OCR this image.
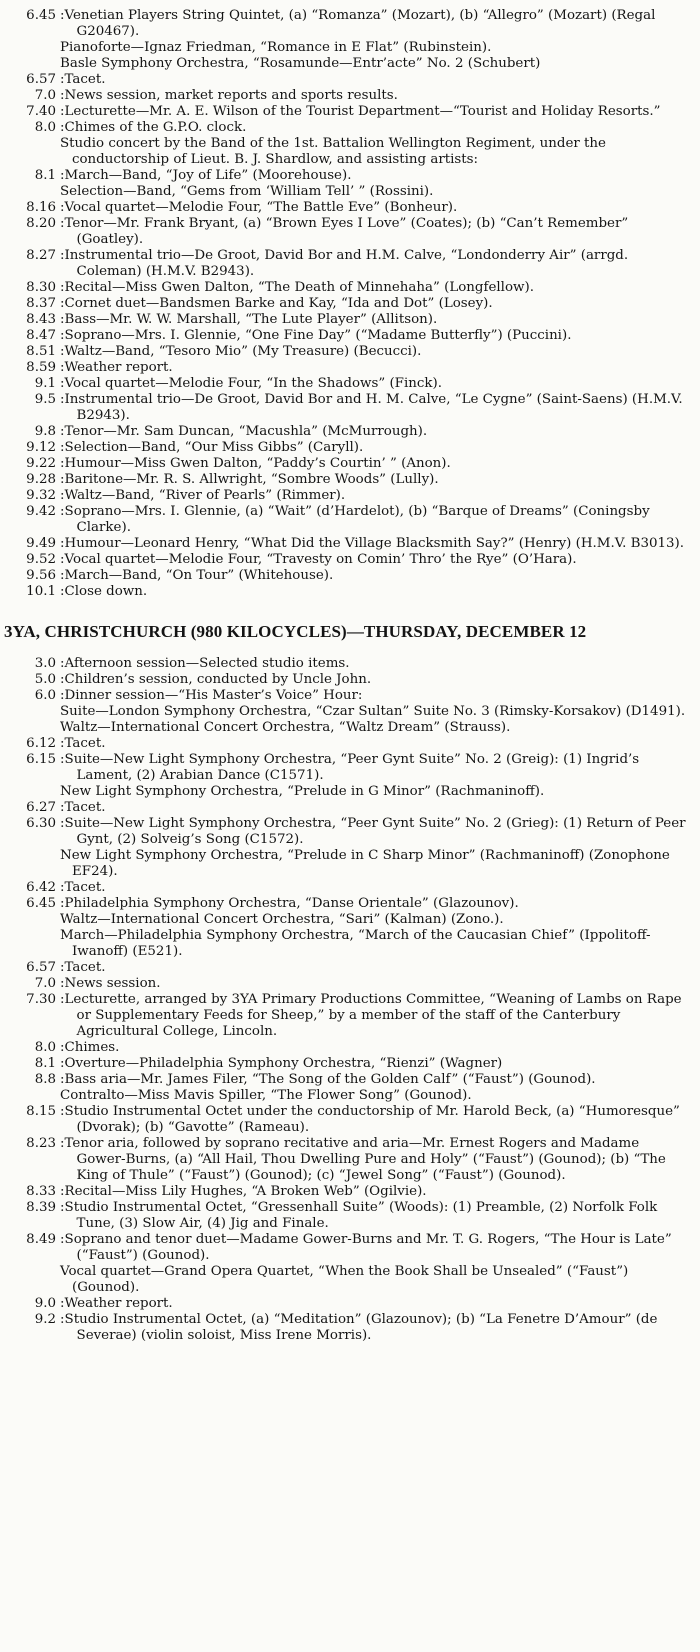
6.45 : Venetian Players String Quintet, (a) “Romanza” (Mozart), (b) “Allegro” (Mozart) (Regal G20467).
Pianoforte—Ignaz Friedman, “Romance in E Flat” (Rubinstein).
Basle Symphony Orchestra, “Rosamunde—Entr’acte” No. 2 (Schubert)
6.57 : Tacet.
7.0 : News session, market reports and sports results.
7.40 : Lecturette—Mr. A. E. Wilson of the Tourist Department—“Tourist and Holiday Resorts.”
8.0 : Chimes of the G.P.O. clock.
Studio concert by the Band of the 1st. Battalion Wellington Regiment, under the conductorship of Lieut. B. J. Shardlow, and assisting artists:
8.1 : March—Band, “Joy of Life” (Moorehouse).
Selection—Band, “Gems from ‘William Tell’ ” (Rossini).
8.16 : Vocal quartet—Melodie Four, “The Battle Eve” (Bonheur).
8.20 : Tenor—Mr. Frank Bryant, (a) “Brown Eyes I Love” (Coates); (b) “Can’t Remember” (Goatley).
8.27 : Instrumental trio—De Groot, David Bor and H.M. Calve, “Londonderry Air” (arrgd. Coleman) (H.M.V. B2943).
8.30 : Recital—Miss Gwen Dalton, “The Death of Minnehaha” (Longfellow).
8.37 : Cornet duet—Bandsmen Barke and Kay, “Ida and Dot” (Losey).
8.43 : Bass—Mr. W. W. Marshall, “The Lute Player” (Allitson).
8.47 : Soprano—Mrs. I. Glennie, “One Fine Day” (“Madame Butterfly”) (Puccini).
8.51 : Waltz—Band, “Tesoro Mio” (My Treasure) (Becucci).
8.59 : Weather report.
9.1 : Vocal quartet—Melodie Four, “In the Shadows” (Finck).
9.5 : Instrumental trio—De Groot, David Bor and H. M. Calve, “Le Cygne” (Saint-Saens) (H.M.V. B2943).
9.8 : Tenor—Mr. Sam Duncan, “Macushla” (McMurrough).
9.12 : Selection—Band, “Our Miss Gibbs” (Caryll).
9.22 : Humour—Miss Gwen Dalton, “Paddy’s Courtin’ ” (Anon).
9.28 : Baritone—Mr. R. S. Allwright, “Sombre Woods” (Lully).
9.32 : Waltz—Band, “River of Pearls” (Rimmer).
9.42 : Soprano—Mrs. I. Glennie, (a) “Wait” (d’Hardelot), (b) “Barque of Dreams” (Coningsby Clarke).
9.49 : Humour—Leonard Henry, “What Did the Village Blacksmith Say?” (Henry) (H.M.V. B3013).
9.52 : Vocal quartet—Melodie Four, “Travesty on Comin’ Thro’ the Rye” (O’Hara).
9.56 : March—Band, “On Tour” (Whitehouse).
10.1 : Close down.
3YA, CHRISTCHURCH (980 KILOCYCLES)—THURSDAY, DECEMBER 12
3.0 : Afternoon session—Selected studio items.
5.0 : Children’s session, conducted by Uncle John.
6.0 : Dinner session—“His Master’s Voice” Hour:
Suite—London Symphony Orchestra, “Czar Sultan” Suite No. 3 (Rimsky-Korsakov) (D1491).
Waltz—International Concert Orchestra, “Waltz Dream” (Strauss).
6.12 : Tacet.
6.15 : Suite—New Light Symphony Orchestra, “Peer Gynt Suite” No. 2 (Greig): (1) Ingrid’s Lament, (2) Arabian Dance (C1571).
New Light Symphony Orchestra, “Prelude in G Minor” (Rachmaninoff).
6.27 : Tacet.
6.30 : Suite—New Light Symphony Orchestra, “Peer Gynt Suite” No. 2 (Grieg): (1) Return of Peer Gynt, (2) Solveig’s Song (C1572).
New Light Symphony Orchestra, “Prelude in C Sharp Minor” (Rachmaninoff) (Zonophone EF24).
6.42 : Tacet.
6.45 : Philadelphia Symphony Orchestra, “Danse Orientale” (Glazounov).
Waltz—International Concert Orchestra, “Sari” (Kalman) (Zono.).
March—Philadelphia Symphony Orchestra, “March of the Caucasian Chief” (Ippolitoff-Iwanoff) (E521).
6.57 : Tacet.
7.0 : News session.
7.30 : Lecturette, arranged by 3YA Primary Productions Committee, “Weaning of Lambs on Rape or Supplementary Feeds for Sheep,” by a member of the staff of the Canterbury Agricultural College, Lincoln.
8.0 : Chimes.
8.1 : Overture—Philadelphia Symphony Orchestra, “Rienzi” (Wagner)
8.8 : Bass aria—Mr. James Filer, “The Song of the Golden Calf” (“Faust”) (Gounod).
Contralto—Miss Mavis Spiller, “The Flower Song” (Gounod).
8.15 : Studio Instrumental Octet under the conductorship of Mr. Harold Beck, (a) “Humoresque” (Dvorak); (b) “Gavotte” (Rameau).
8.23 : Tenor aria, followed by soprano recitative and aria—Mr. Ernest Rogers and Madame Gower-Burns, (a) “All Hail, Thou Dwelling Pure and Holy” (“Faust”) (Gounod); (b) “The King of Thule” (“Faust”) (Gounod); (c) “Jewel Song” (“Faust”) (Gounod).
8.33 : Recital—Miss Lily Hughes, “A Broken Web” (Ogilvie).
8.39 : Studio Instrumental Octet, “Gressenhall Suite” (Woods): (1) Preamble, (2) Norfolk Folk Tune, (3) Slow Air, (4) Jig and Finale.
8.49 : Soprano and tenor duet—Madame Gower-Burns and Mr. T. G. Rogers, “The Hour is Late” (“Faust”) (Gounod).
Vocal quartet—Grand Opera Quartet, “When the Book Shall be Unsealed” (“Faust”) (Gounod).
9.0 : Weather report.
9.2 : Studio Instrumental Octet, (a) “Meditation” (Glazounov); (b) “La Fenetre D’Amour” (de Severae) (violin soloist, Miss Irene Morris).
